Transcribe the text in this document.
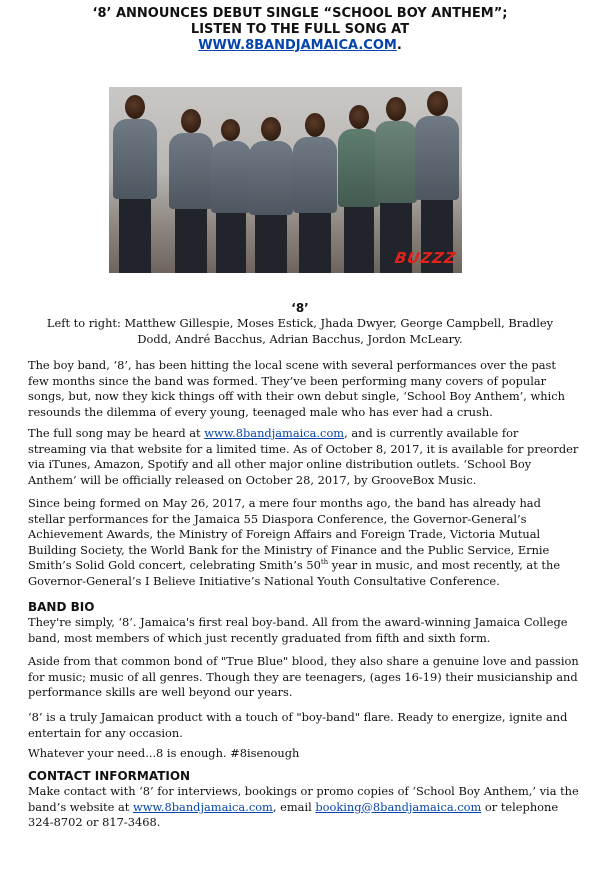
‘8’ ANNOUNCES DEBUT SINGLE “SCHOOL BOY ANTHEM”;
LISTEN TO THE FULL SONG AT
WWW.8BANDJAMAICA.COM.
BUZZZ
‘8’
Left to right: Matthew Gillespie, Moses Estick, Jhada Dwyer, George Campbell, Bradley Dodd, André Bacchus, Adrian Bacchus, Jordon McLeary.

The boy band, ‘8’, has been hitting the local scene with several performances over the past few months since the band was formed. They’ve been performing many covers of popular songs, but, now they kick things off with their own debut single, ‘School Boy Anthem’, which resounds the dilemma of every young, teenaged male who has ever had a crush.

The full song may be heard at www.8bandjamaica.com, and is currently available for streaming via that website for a limited time. As of October 8, 2017, it is available for preorder via iTunes, Amazon, Spotify and all other major online distribution outlets. ‘School Boy Anthem’ will be officially released on October 28, 2017, by GrooveBox Music.

Since being formed on May 26, 2017, a mere four months ago, the band has already had stellar performances for the Jamaica 55 Diaspora Conference, the Governor-General’s Achievement Awards, the Ministry of Foreign Affairs and Foreign Trade, Victoria Mutual Building Society, the World Bank for the Ministry of Finance and the Public Service, Ernie Smith’s Solid Gold concert, celebrating Smith’s 50th year in music, and most recently, at the Governor-General’s I Believe Initiative’s National Youth Consultative Conference.

BAND BIO

They're simply, ‘8’. Jamaica's first real boy-band. All from the award-winning Jamaica College band, most members of which just recently graduated from fifth and sixth form.

Aside from that common bond of "True Blue" blood, they also share a genuine love and passion for music; music of all genres. Though they are teenagers, (ages 16-19) their musicianship and performance skills are well beyond our years.

‘8’ is a truly Jamaican product with a touch of "boy-band" flare. Ready to energize, ignite and entertain for any occasion.

Whatever your need...8 is enough. #8isenough

CONTACT INFORMATION

Make contact with ‘8’ for interviews, bookings or promo copies of ‘School Boy Anthem,’ via the band’s website at www.8bandjamaica.com, email booking@8bandjamaica.com or telephone 324-8702 or 817-3468.
